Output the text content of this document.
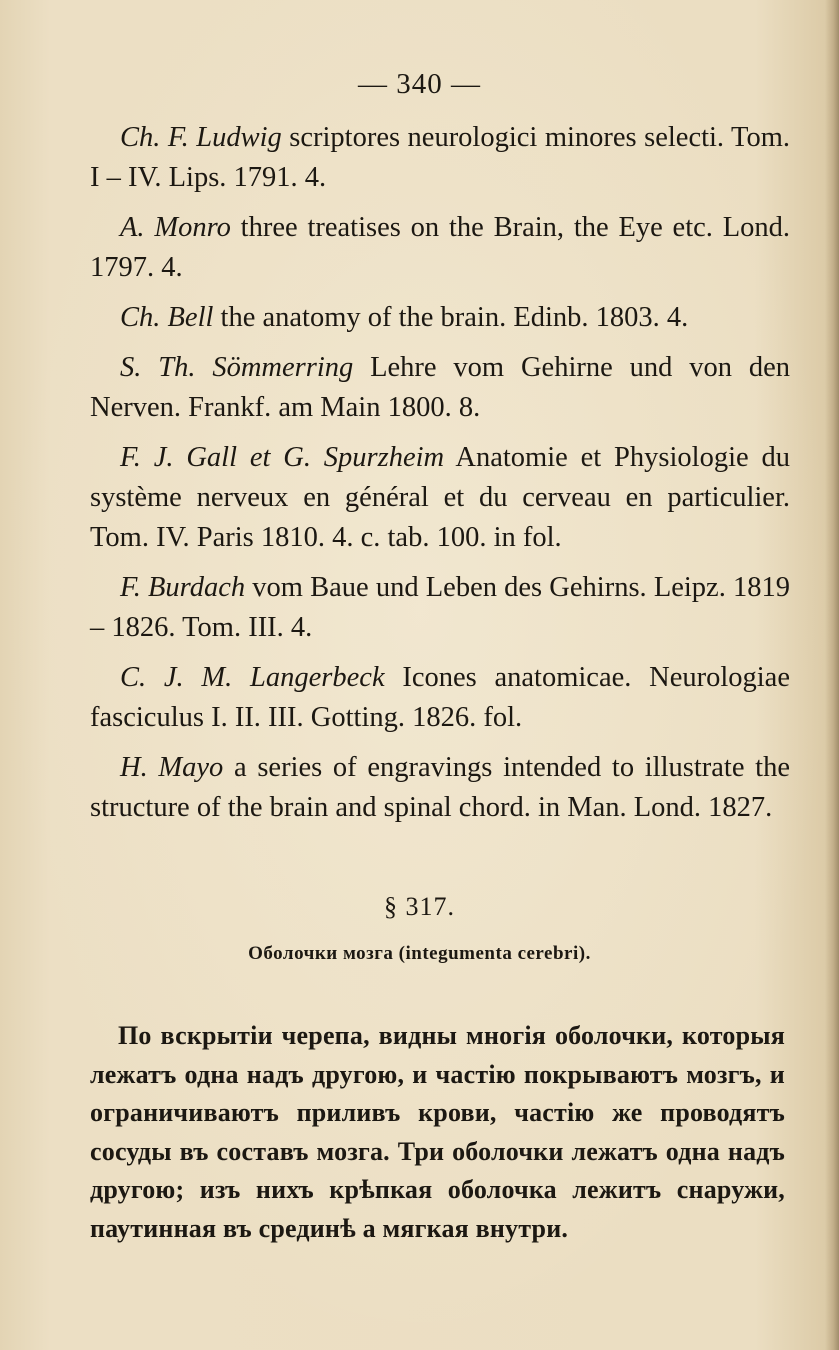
— 340 —

Ch. F. Ludwig scriptores neurologici minores selecti. Tom. I – IV. Lips. 1791. 4.

A. Monro three treatises on the Brain, the Eye etc. Lond. 1797. 4.

Ch. Bell the anatomy of the brain. Edinb. 1803. 4.

S. Th. Sömmerring Lehre vom Gehirne und von den Nerven. Frankf. am Main 1800. 8.

F. J. Gall et G. Spurzheim Anatomie et Physiologie du système nerveux en général et du cerveau en particulier. Tom. IV. Paris 1810. 4. c. tab. 100. in fol.

F. Burdach vom Baue und Leben des Gehirns. Leipz. 1819 – 1826. Tom. III. 4.

C. J. M. Langerbeck Icones anatomicae. Neurologiae fasciculus I. II. III. Gotting. 1826. fol.

H. Mayo a series of engravings intended to illustrate the structure of the brain and spinal chord. in Man. Lond. 1827.

§ 317.
Оболочки мозга (integumenta cerebri).

По вскрытіи черепа, видны многія оболочки, которыя лежатъ одна надъ другою, и частію покрываютъ мозгъ, и ограничиваютъ приливъ крови, частію же проводятъ сосуды въ составъ мозга. Три оболочки лежатъ одна надъ другою; изъ нихъ крѣпкая оболочка лежитъ снаружи, паутинная въ срединѣ а мягкая внутри.
